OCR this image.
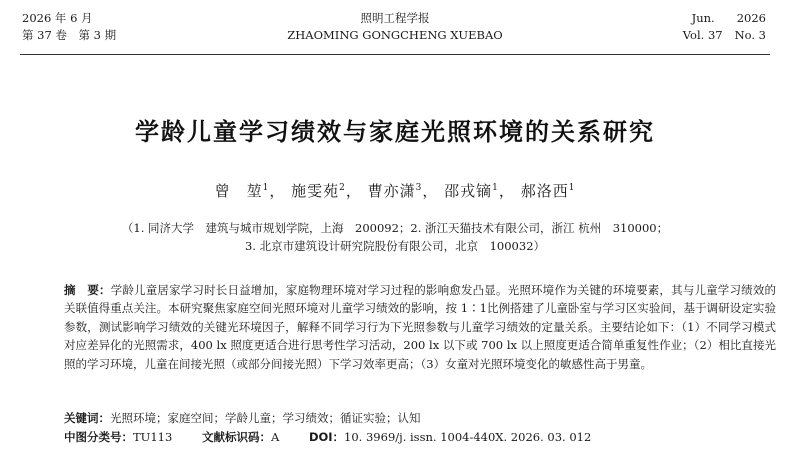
2026 年 6 月
第 37 卷　第 3 期
照明工程学报
ZHAOMING GONGCHENG XUEBAO
Jun. 2026
Vol. 37 No. 3
学龄儿童学习绩效与家庭光照环境的关系研究
曾　堃$^1$， 施雯苑$^2$， 曹亦潇$^3$， 邵戎镝$^1$， 郝洛西$^1$
（1. 同济大学　建筑与城市规划学院，上海　200092；2. 浙江天猫技术有限公司，浙江 杭州　310000；
3. 北京市建筑设计研究院股份有限公司，北京　100032）
摘　要：学龄儿童居家学习时长日益增加，家庭物理环境对学习过程的影响愈发凸显。光照环境作为关键的环境要素，其与儿童学习绩效的关联值得重点关注。本研究聚焦家庭空间光照环境对儿童学习绩效的影响，按 1∶1比例搭建了儿童卧室与学习区实验间，基于调研设定实验参数，测试影响学习绩效的关键光环境因子，解释不同学习行为下光照参数与儿童学习绩效的定量关系。主要结论如下：（1）不同学习模式对应差异化的光照需求，400 lx 照度更适合进行思考性学习活动，200 lx 以下或 700 lx 以上照度更适合简单重复性作业；（2）相比直接光照的学习环境，儿童在间接光照（或部分间接光照）下学习效率更高；（3）女童对光照环境变化的敏感性高于男童。
关键词：光照环境；家庭空间；学龄儿童；学习绩效；循证实验；认知
中图分类号：TU113	文献标识码：A	DOI：10. 3969/j. issn. 1004-440X. 2026. 03. 012
